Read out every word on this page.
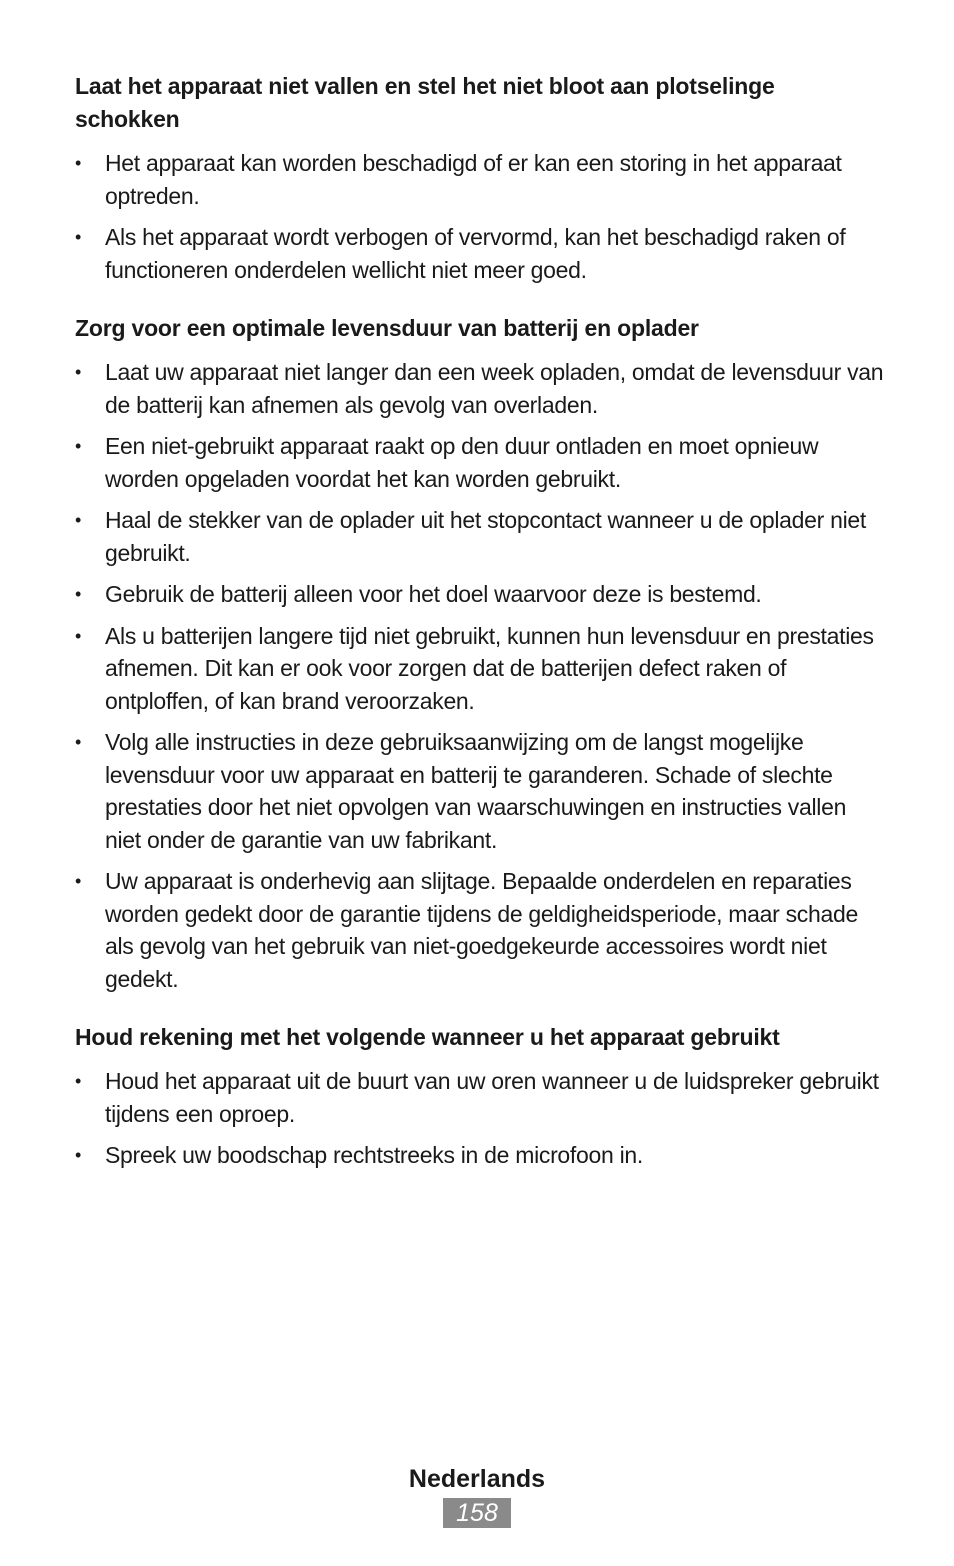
Laat het apparaat niet vallen en stel het niet bloot aan plotselinge schokken
• Het apparaat kan worden beschadigd of er kan een storing in het apparaat optreden.
• Als het apparaat wordt verbogen of vervormd, kan het beschadigd raken of functioneren onderdelen wellicht niet meer goed.
Zorg voor een optimale levensduur van batterij en oplader
• Laat uw apparaat niet langer dan een week opladen, omdat de levensduur van de batterij kan afnemen als gevolg van overladen.
• Een niet-gebruikt apparaat raakt op den duur ontladen en moet opnieuw worden opgeladen voordat het kan worden gebruikt.
• Haal de stekker van de oplader uit het stopcontact wanneer u de oplader niet gebruikt.
• Gebruik de batterij alleen voor het doel waarvoor deze is bestemd.
• Als u batterijen langere tijd niet gebruikt, kunnen hun levensduur en prestaties afnemen. Dit kan er ook voor zorgen dat de batterijen defect raken of ontploffen, of kan brand veroorzaken.
• Volg alle instructies in deze gebruiksaanwijzing om de langst mogelijke levensduur voor uw apparaat en batterij te garanderen. Schade of slechte prestaties door het niet opvolgen van waarschuwingen en instructies vallen niet onder de garantie van uw fabrikant.
• Uw apparaat is onderhevig aan slijtage. Bepaalde onderdelen en reparaties worden gedekt door de garantie tijdens de geldigheidsperiode, maar schade als gevolg van het gebruik van niet-goedgekeurde accessoires wordt niet gedekt.
Houd rekening met het volgende wanneer u het apparaat gebruikt
• Houd het apparaat uit de buurt van uw oren wanneer u de luidspreker gebruikt tijdens een oproep.
• Spreek uw boodschap rechtstreeks in de microfoon in.
Nederlands
158
